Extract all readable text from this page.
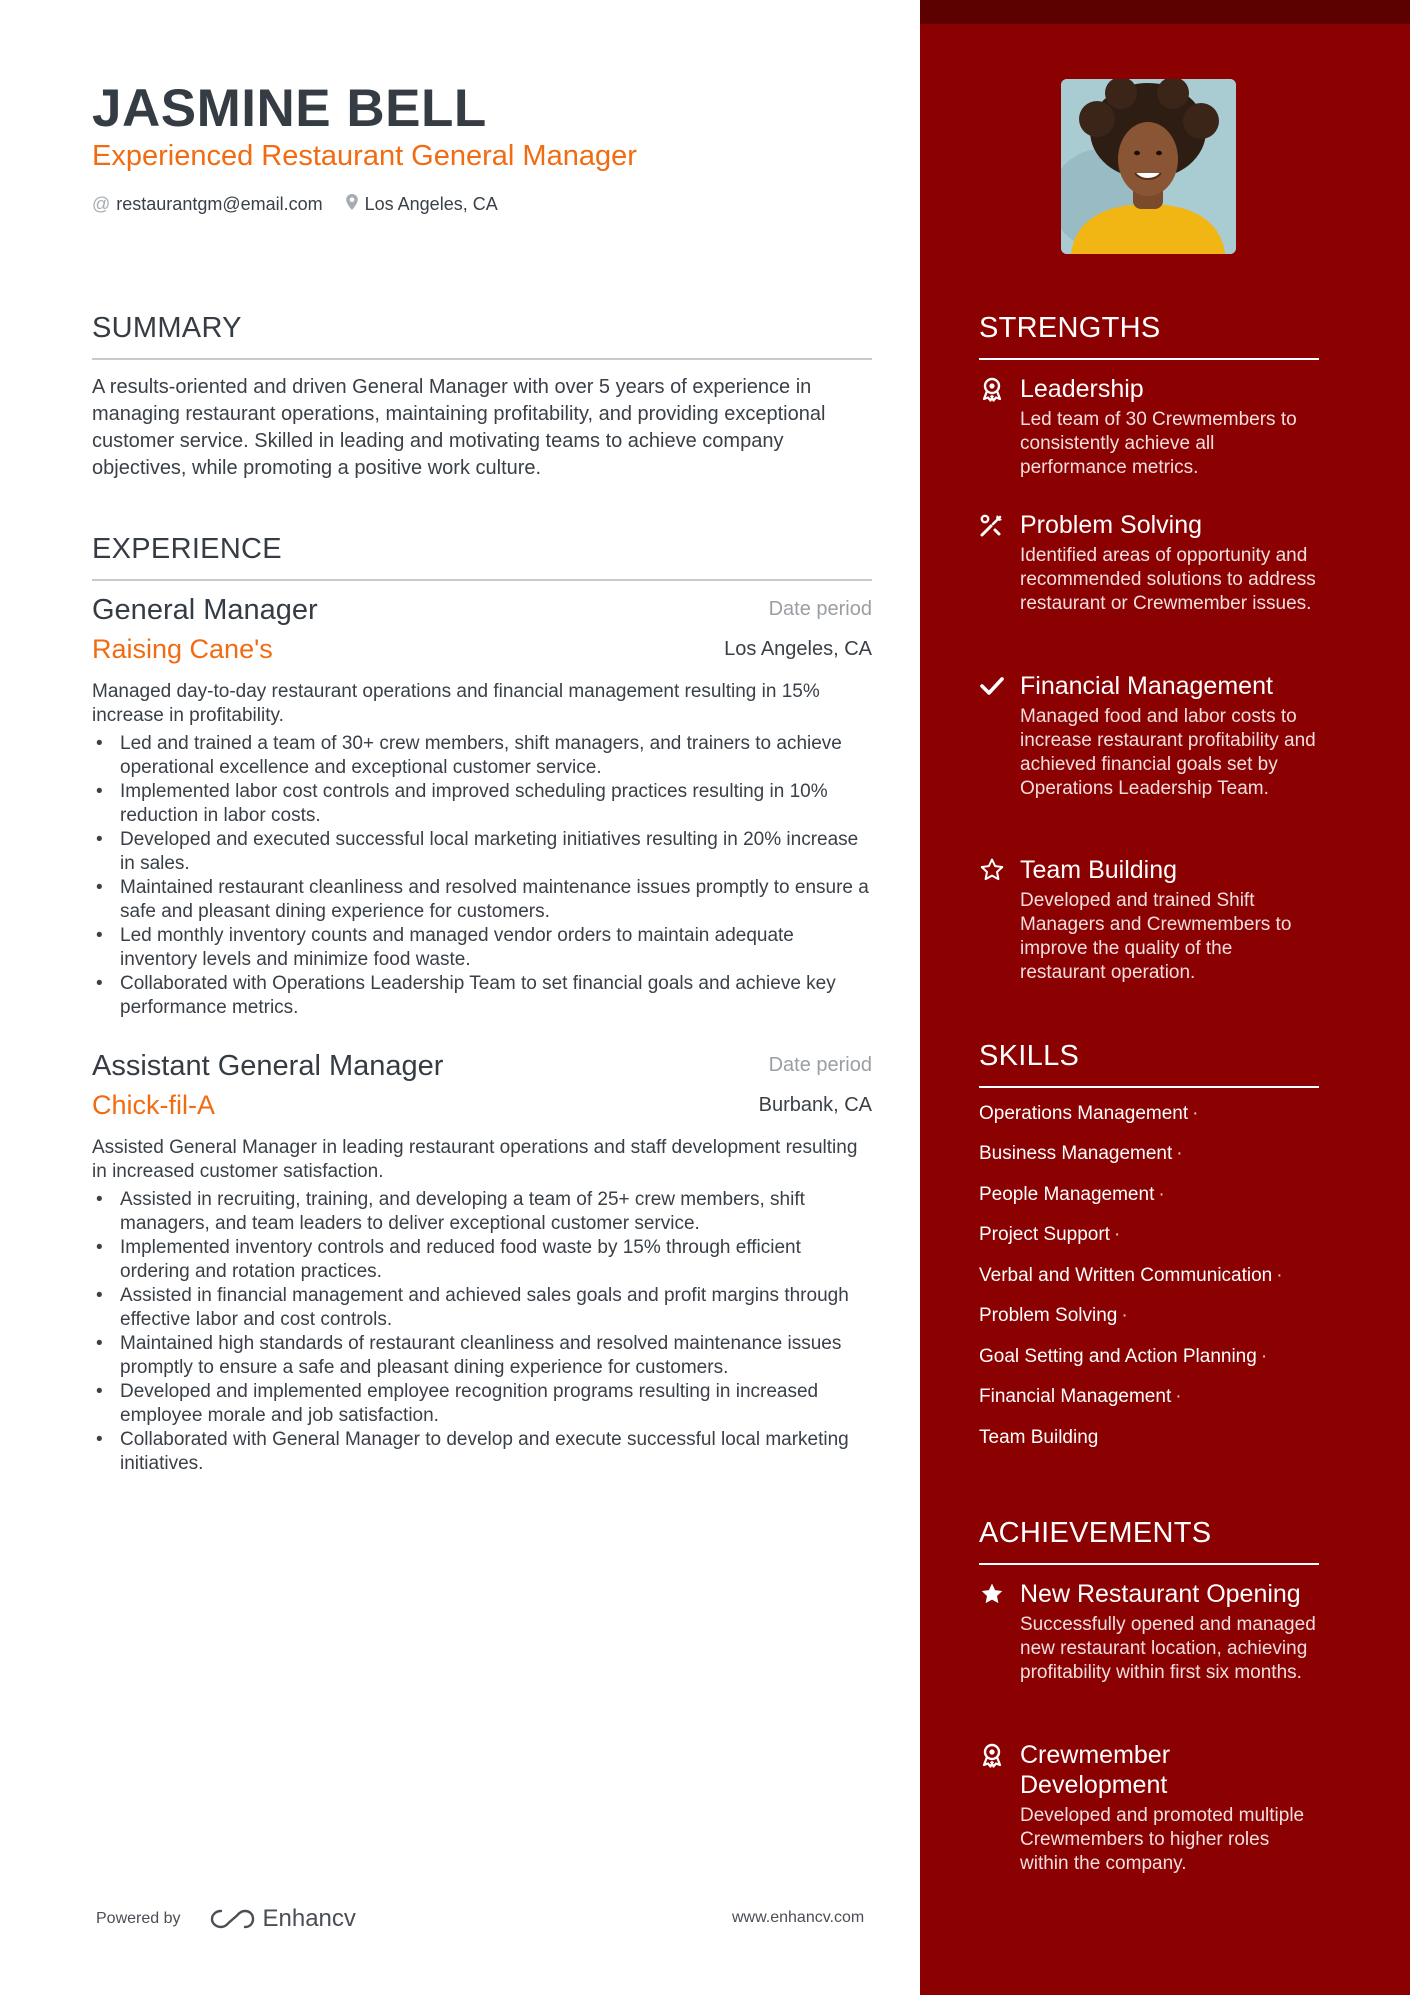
JASMINE BELL
Experienced Restaurant General Manager
@ restaurantgm@email.com Los Angeles, CA
SUMMARY
A results-oriented and driven General Manager with over 5 years of experience in managing restaurant operations, maintaining profitability, and providing exceptional customer service. Skilled in leading and motivating teams to achieve company objectives, while promoting a positive work culture.
EXPERIENCE
General Manager	Date period
Raising Cane's	Los Angeles, CA
Managed day-to-day restaurant operations and financial management resulting in 15% increase in profitability.
• Led and trained a team of 30+ crew members, shift managers, and trainers to achieve operational excellence and exceptional customer service.
• Implemented labor cost controls and improved scheduling practices resulting in 10% reduction in labor costs.
• Developed and executed successful local marketing initiatives resulting in 20% increase in sales.
• Maintained restaurant cleanliness and resolved maintenance issues promptly to ensure a safe and pleasant dining experience for customers.
• Led monthly inventory counts and managed vendor orders to maintain adequate inventory levels and minimize food waste.
• Collaborated with Operations Leadership Team to set financial goals and achieve key performance metrics.
Assistant General Manager	Date period
Chick-fil-A	Burbank, CA
Assisted General Manager in leading restaurant operations and staff development resulting in increased customer satisfaction.
• Assisted in recruiting, training, and developing a team of 25+ crew members, shift managers, and team leaders to deliver exceptional customer service.
• Implemented inventory controls and reduced food waste by 15% through efficient ordering and rotation practices.
• Assisted in financial management and achieved sales goals and profit margins through effective labor and cost controls.
• Maintained high standards of restaurant cleanliness and resolved maintenance issues promptly to ensure a safe and pleasant dining experience for customers.
• Developed and implemented employee recognition programs resulting in increased employee morale and job satisfaction.
• Collaborated with General Manager to develop and execute successful local marketing initiatives.
Powered by	Enhancv	www.enhancv.com
STRENGTHS
Leadership
Led team of 30 Crewmembers to consistently achieve all performance metrics.
Problem Solving
Identified areas of opportunity and recommended solutions to address restaurant or Crewmember issues.
Financial Management
Managed food and labor costs to increase restaurant profitability and achieved financial goals set by Operations Leadership Team.
Team Building
Developed and trained Shift Managers and Crewmembers to improve the quality of the restaurant operation.
SKILLS
Operations Management ·
Business Management ·
People Management ·
Project Support ·
Verbal and Written Communication ·
Problem Solving ·
Goal Setting and Action Planning ·
Financial Management ·
Team Building
ACHIEVEMENTS
New Restaurant Opening
Successfully opened and managed new restaurant location, achieving profitability within first six months.
Crewmember Development
Developed and promoted multiple Crewmembers to higher roles within the company.
